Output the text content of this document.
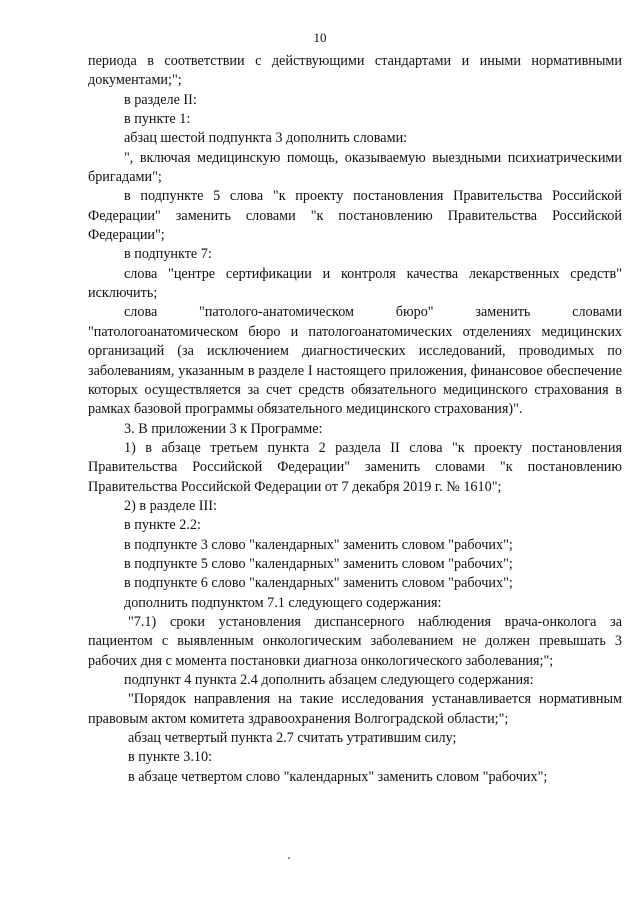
10

периода в соответствии с действующими стандартами и иными нормативными документами;";

в разделе II:

в пункте 1:

абзац шестой подпункта 3 дополнить словами:

", включая медицинскую помощь, оказываемую выездными психиатрическими бригадами";

в подпункте 5 слова "к проекту постановления Правительства Российской Федерации" заменить словами "к постановлению Правительства Российской Федерации";

в подпункте 7:

слова "центре сертификации и контроля качества лекарственных средств" исключить;

слова "патолого-анатомическом бюро" заменить словами "патологоанатомическом бюро и патологоанатомических отделениях медицинских организаций (за исключением диагностических исследований, проводимых по заболеваниям, указанным в разделе I настоящего приложения, финансовое обеспечение которых осуществляется за счет средств обязательного медицинского страхования в рамках базовой программы обязательного медицинского страхования)".

3. В приложении 3 к Программе:

1) в абзаце третьем пункта 2 раздела II слова "к проекту постановления Правительства Российской Федерации" заменить словами "к постановлению Правительства Российской Федерации от 7 декабря 2019 г. № 1610";

2) в разделе III:

в пункте 2.2:

в подпункте 3 слово "календарных" заменить словом "рабочих";

в подпункте 5 слово "календарных" заменить словом "рабочих";

в подпункте 6 слово "календарных" заменить словом "рабочих";

дополнить подпунктом 7.1 следующего содержания:

"7.1) сроки установления диспансерного наблюдения врача-онколога за пациентом с выявленным онкологическим заболеванием не должен превышать 3 рабочих дня с момента постановки диагноза онкологического заболевания;";

подпункт 4 пункта 2.4 дополнить абзацем следующего содержания:

"Порядок направления на такие исследования устанавливается нормативным правовым актом комитета здравоохранения Волгоградской области;";

абзац четвертый пункта 2.7 считать утратившим силу;

в пункте 3.10:

в абзаце четвертом слово "календарных" заменить словом "рабочих";
